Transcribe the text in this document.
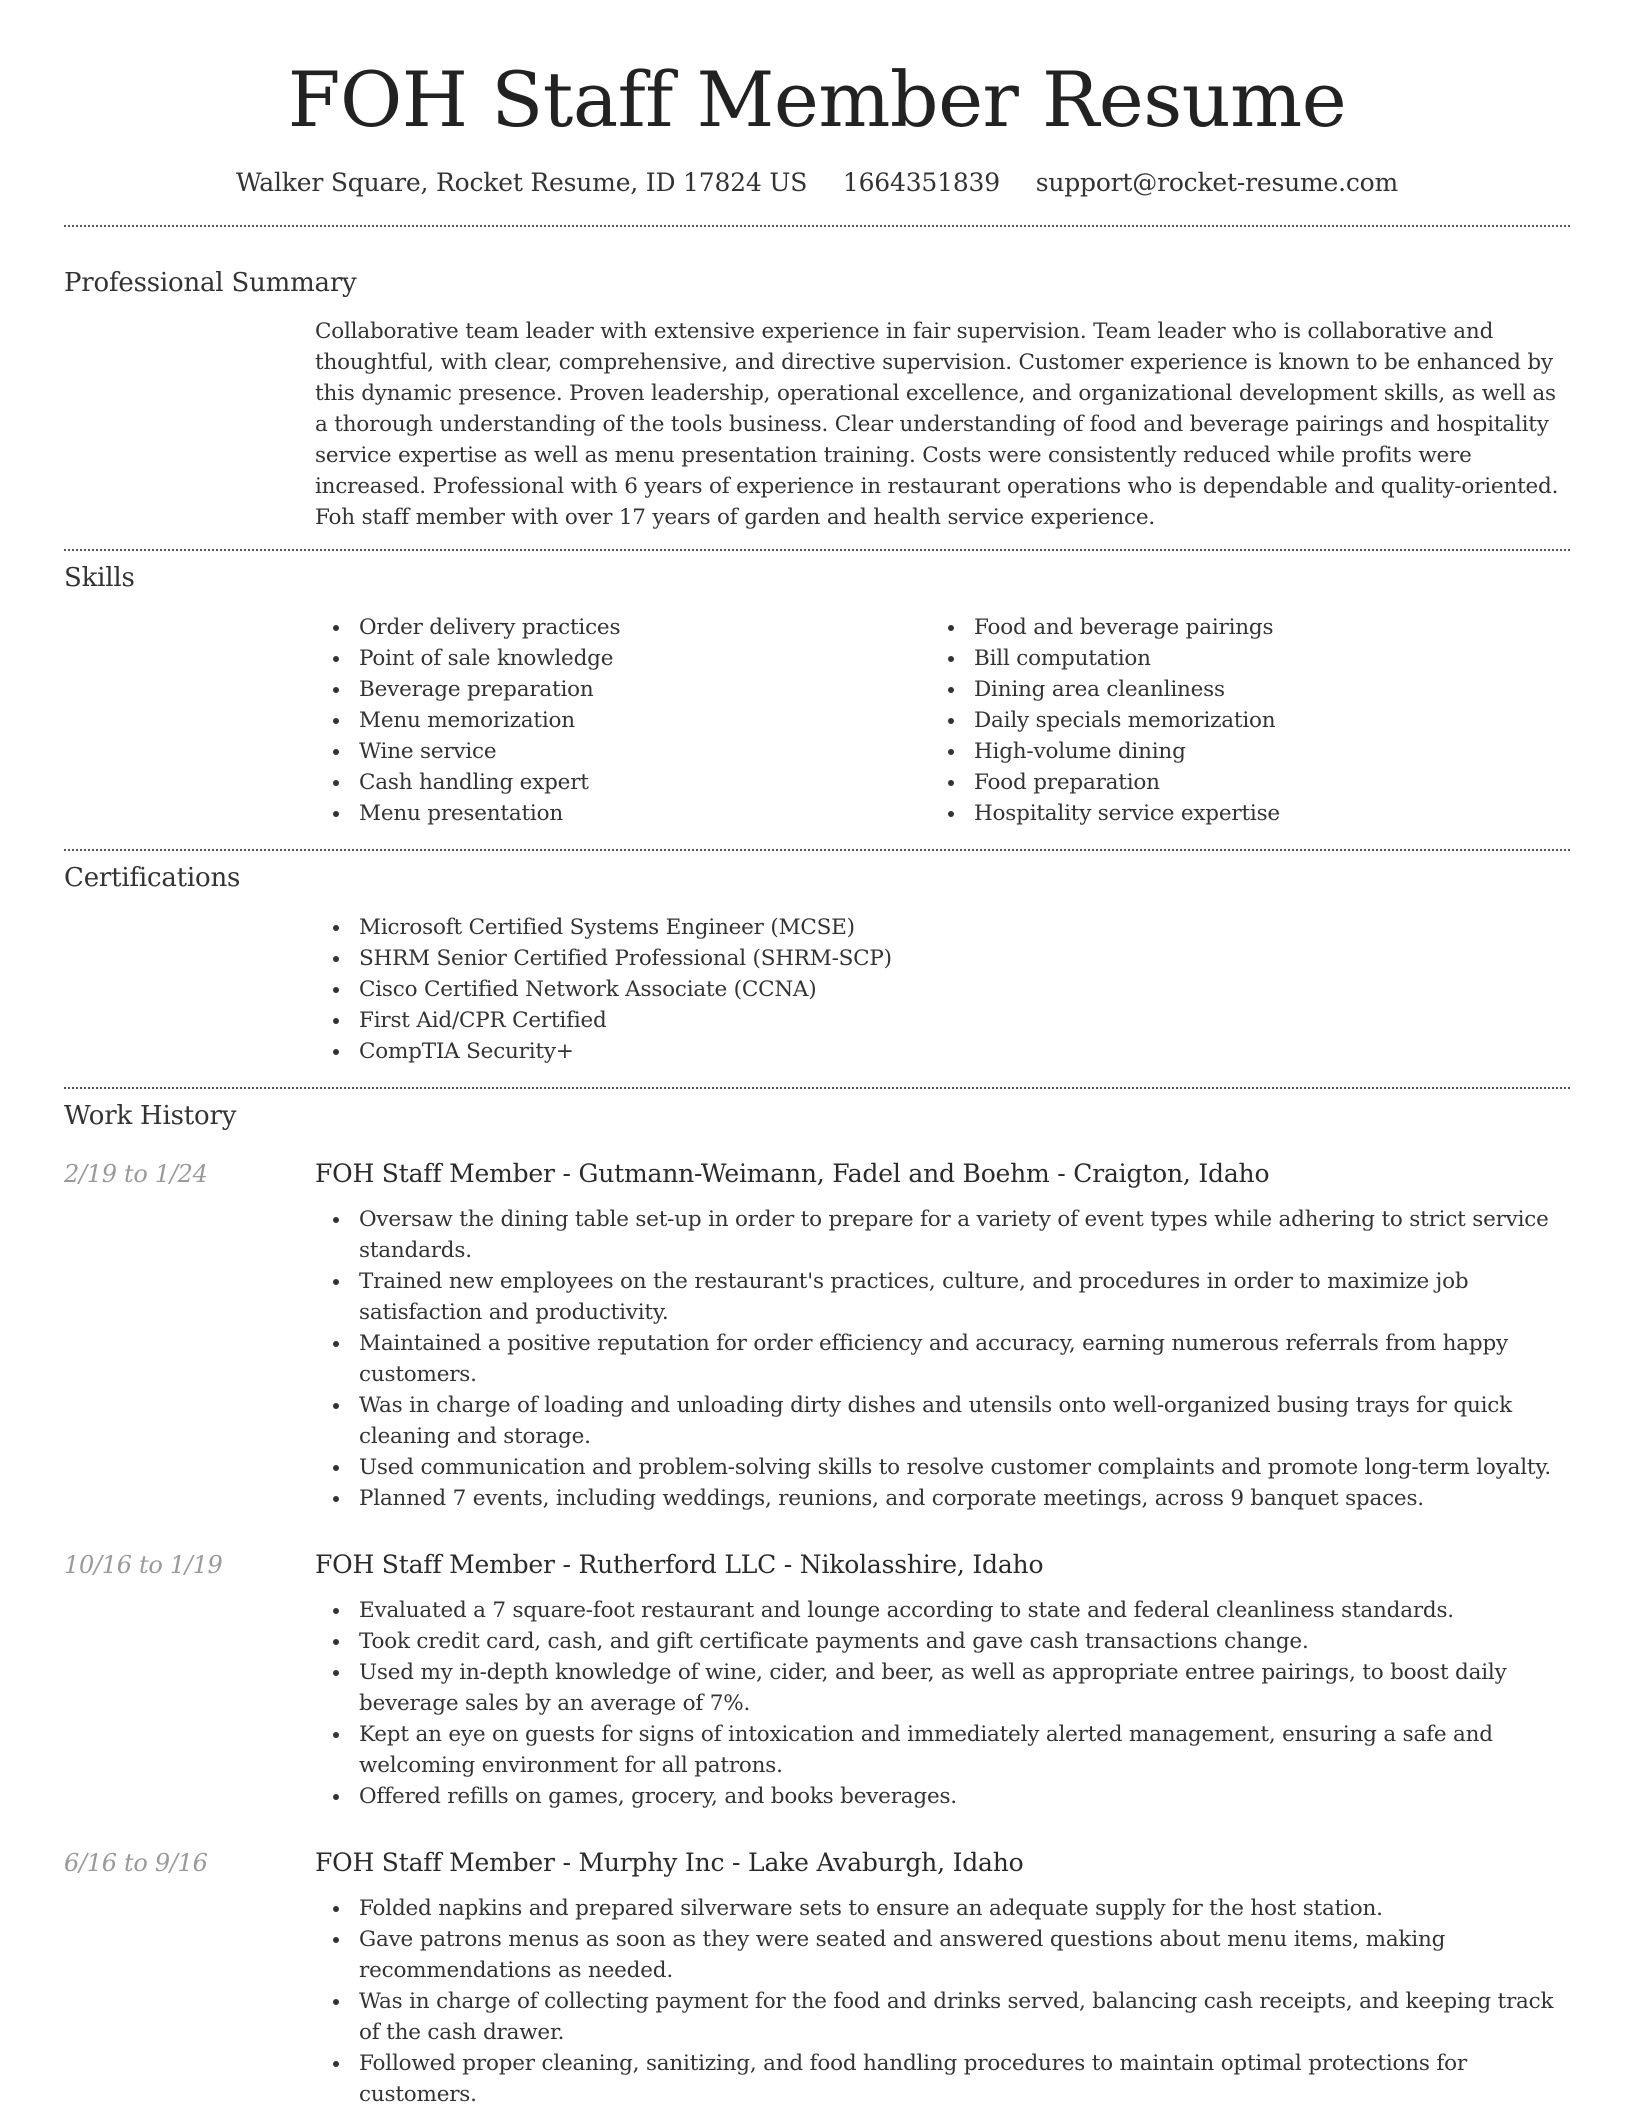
FOH Staff Member Resume
Walker Square, Rocket Resume, ID 17824 US 1664351839 support@rocket-resume.com
Professional Summary

Collaborative team leader with extensive experience in fair supervision. Team leader who is collaborative and thoughtful, with clear, comprehensive, and directive supervision. Customer experience is known to be enhanced by this dynamic presence. Proven leadership, operational excellence, and organizational development skills, as well as a thorough understanding of the tools business. Clear understanding of food and beverage pairings and hospitality service expertise as well as menu presentation training. Costs were consistently reduced while profits were increased. Professional with 6 years of experience in restaurant operations who is dependable and quality-oriented. Foh staff member with over 17 years of garden and health service experience.

Skills
Order delivery practices
Point of sale knowledge
Beverage preparation
Menu memorization
Wine service
Cash handling expert
Menu presentation
Food and beverage pairings
Bill computation
Dining area cleanliness
Daily specials memorization
High-volume dining
Food preparation
Hospitality service expertise
Certifications
Microsoft Certified Systems Engineer (MCSE)
SHRM Senior Certified Professional (SHRM-SCP)
Cisco Certified Network Associate (CCNA)
First Aid/CPR Certified
CompTIA Security+
Work History
2/19 to 1/24	FOH Staff Member - Gutmann-Weimann, Fadel and Boehm - Craigton, Idaho
Oversaw the dining table set-up in order to prepare for a variety of event types while adhering to strict service standards.
Trained new employees on the restaurant's practices, culture, and procedures in order to maximize job satisfaction and productivity.
Maintained a positive reputation for order efficiency and accuracy, earning numerous referrals from happy customers.
Was in charge of loading and unloading dirty dishes and utensils onto well-organized busing trays for quick cleaning and storage.
Used communication and problem-solving skills to resolve customer complaints and promote long-term loyalty.
Planned 7 events, including weddings, reunions, and corporate meetings, across 9 banquet spaces.
10/16 to 1/19	FOH Staff Member - Rutherford LLC - Nikolasshire, Idaho
Evaluated a 7 square-foot restaurant and lounge according to state and federal cleanliness standards.
Took credit card, cash, and gift certificate payments and gave cash transactions change.
Used my in-depth knowledge of wine, cider, and beer, as well as appropriate entree pairings, to boost daily beverage sales by an average of 7%.
Kept an eye on guests for signs of intoxication and immediately alerted management, ensuring a safe and welcoming environment for all patrons.
Offered refills on games, grocery, and books beverages.
6/16 to 9/16	FOH Staff Member - Murphy Inc - Lake Avaburgh, Idaho
Folded napkins and prepared silverware sets to ensure an adequate supply for the host station.
Gave patrons menus as soon as they were seated and answered questions about menu items, making recommendations as needed.
Was in charge of collecting payment for the food and drinks served, balancing cash receipts, and keeping track of the cash drawer.
Followed proper cleaning, sanitizing, and food handling procedures to maintain optimal protections for customers.
